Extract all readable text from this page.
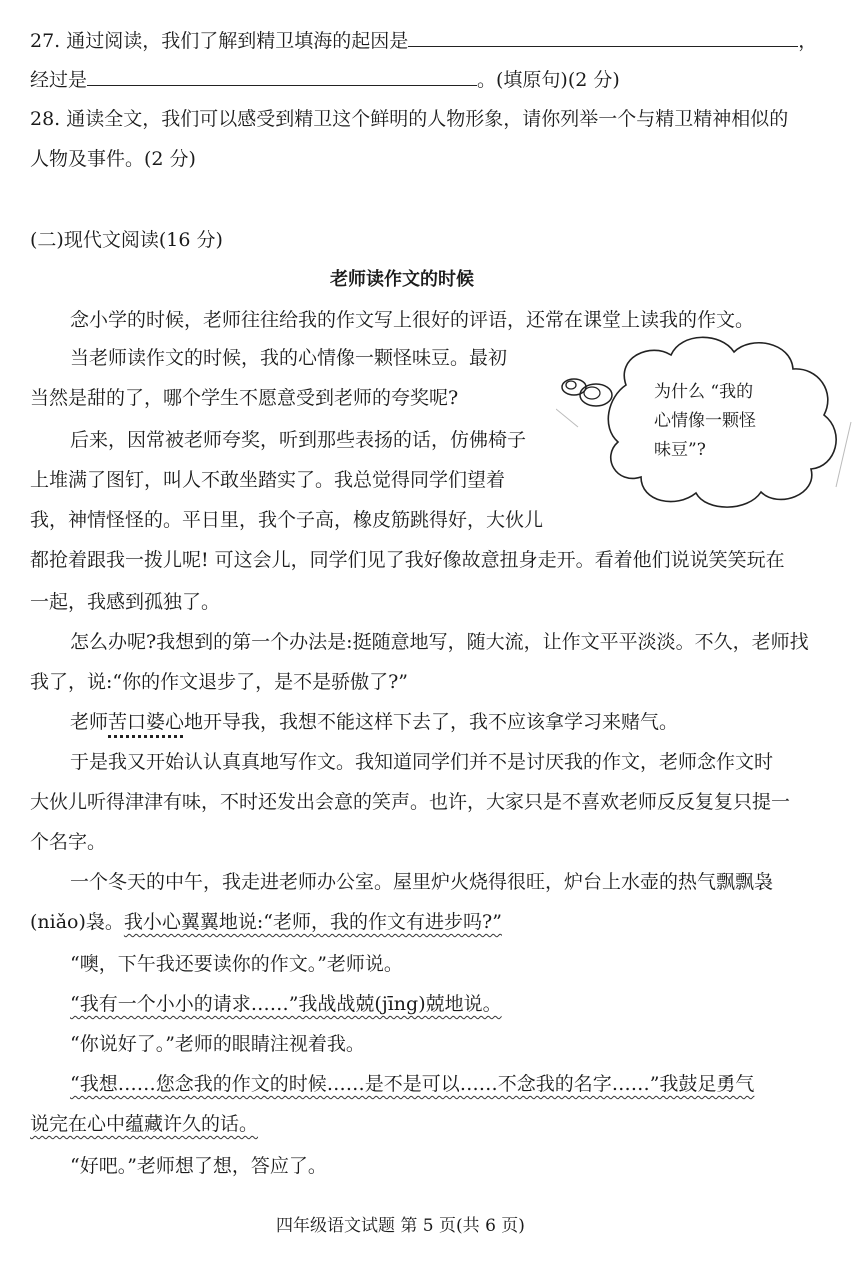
27. 通过阅读，我们了解到精卫填海的起因是	，
经过是	。(填原句)(2 分)
28. 通读全文，我们可以感受到精卫这个鲜明的人物形象，请你列举一个与精卫精神相似的
人物及事件。(2 分)
(二)现代文阅读(16 分)
老师读作文的时候
为什么 “我的
心情像一颗怪
味豆”?
念小学的时候，老师往往给我的作文写上很好的评语，还常在课堂上读我的作文。
当老师读作文的时候，我的心情像一颗怪味豆。最初
当然是甜的了，哪个学生不愿意受到老师的夸奖呢?
后来，因常被老师夸奖，听到那些表扬的话，仿佛椅子
上堆满了图钉，叫人不敢坐踏实了。我总觉得同学们望着
我，神情怪怪的。平日里，我个子高，橡皮筋跳得好，大伙儿
都抢着跟我一拨儿呢! 可这会儿，同学们见了我好像故意扭身走开。看着他们说说笑笑玩在
一起，我感到孤独了。
怎么办呢?我想到的第一个办法是:挺随意地写，随大流，让作文平平淡淡。不久，老师找
我了，说:“你的作文退步了，是不是骄傲了?”
老师苦口婆心地开导我，我想不能这样下去了，我不应该拿学习来赌气。
于是我又开始认认真真地写作文。我知道同学们并不是讨厌我的作文，老师念作文时
大伙儿听得津津有味，不时还发出会意的笑声。也许，大家只是不喜欢老师反反复复只提一
个名字。
一个冬天的中午，我走进老师办公室。屋里炉火烧得很旺，炉台上水壶的热气飘飘袅
(niǎo)袅。我小心翼翼地说:“老师，我的作文有进步吗?”
“噢，下午我还要读你的作文。”老师说。
“我有一个小小的请求……”我战战兢(jīng)兢地说。
“你说好了。”老师的眼睛注视着我。
“我想……您念我的作文的时候……是不是可以……不念我的名字……”我鼓足勇气
说完在心中蕴藏许久的话。
“好吧。”老师想了想，答应了。
四年级语文试题 第 5 页(共 6 页)
